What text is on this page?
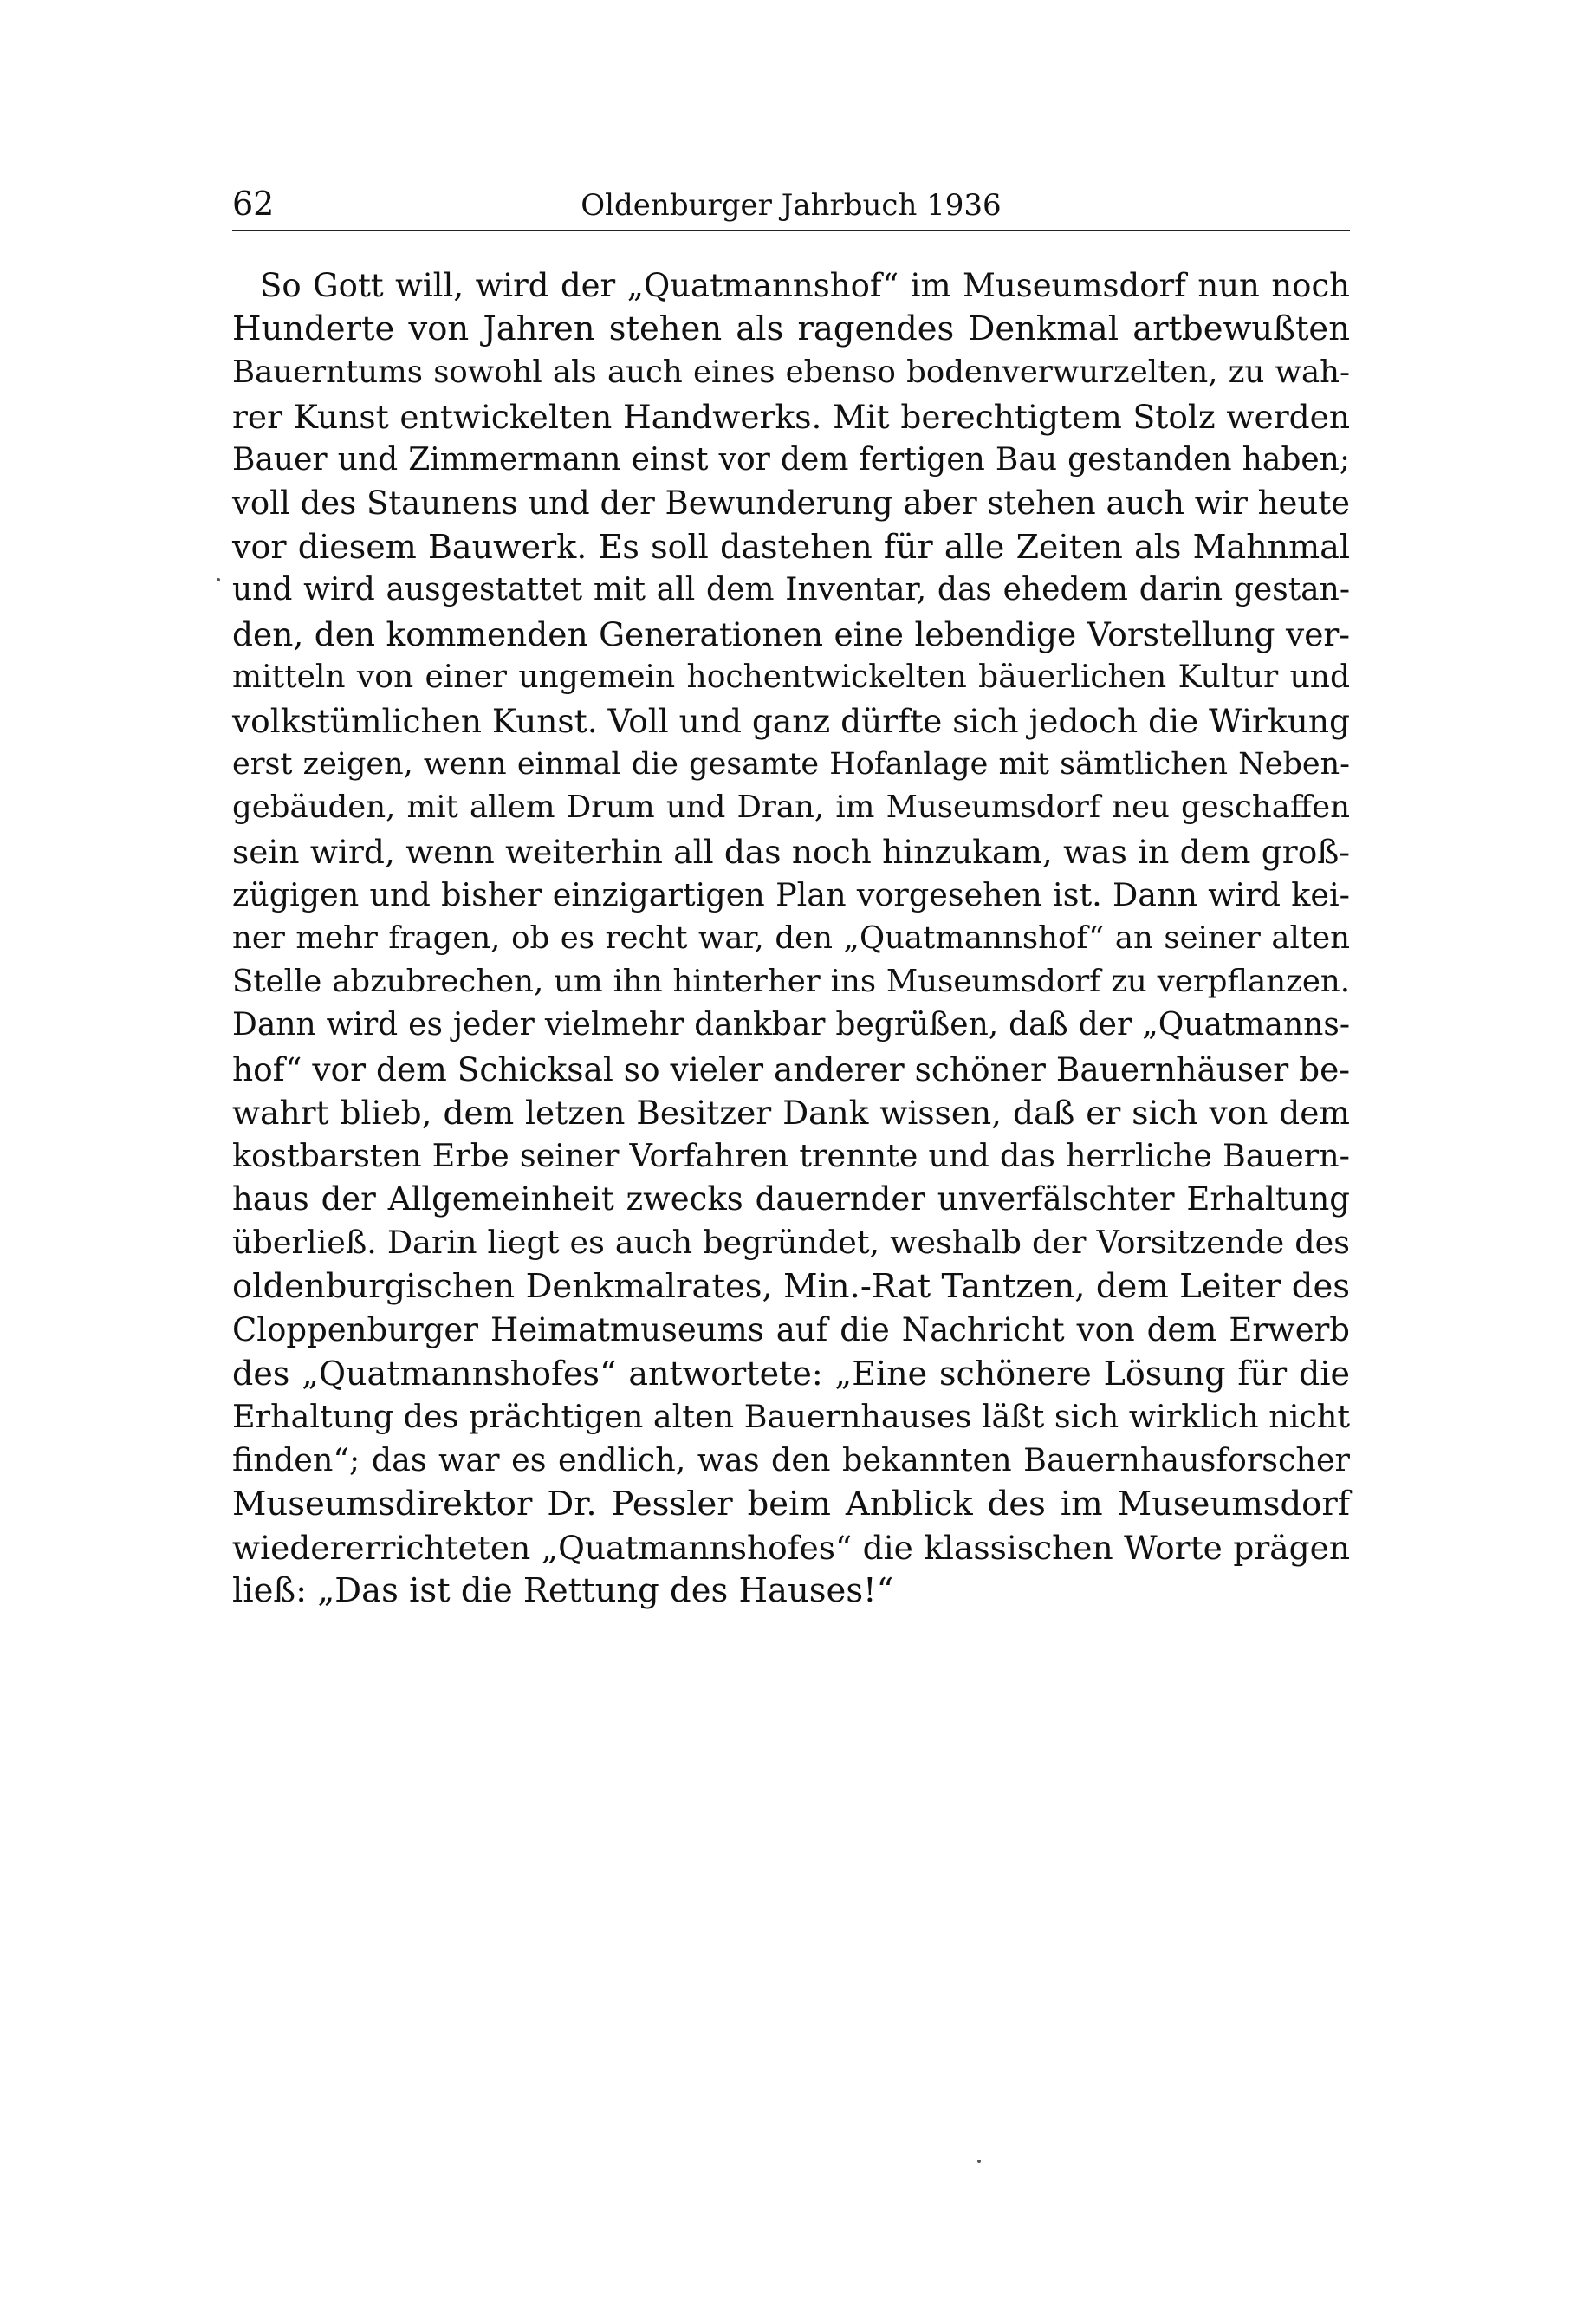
62	Oldenburger Jahrbuch 1936
So Gott will, wird der „Quatmannshof“ im Museumsdorf nun noch
Hunderte von Jahren stehen als ragendes Denkmal artbewußten
Bauerntums sowohl als auch eines ebenso bodenverwurzelten, zu wah-
rer Kunst entwickelten Handwerks. Mit berechtigtem Stolz werden
Bauer und Zimmermann einst vor dem fertigen Bau gestanden haben;
voll des Staunens und der Bewunderung aber stehen auch wir heute
vor diesem Bauwerk. Es soll dastehen für alle Zeiten als Mahnmal
und wird ausgestattet mit all dem Inventar, das ehedem darin gestan-
den, den kommenden Generationen eine lebendige Vorstellung ver-
mitteln von einer ungemein hochentwickelten bäuerlichen Kultur und
volkstümlichen Kunst. Voll und ganz dürfte sich jedoch die Wirkung
erst zeigen, wenn einmal die gesamte Hofanlage mit sämtlichen Neben-
gebäuden, mit allem Drum und Dran, im Museumsdorf neu geschaffen
sein wird, wenn weiterhin all das noch hinzukam, was in dem groß-
zügigen und bisher einzigartigen Plan vorgesehen ist. Dann wird kei-
ner mehr fragen, ob es recht war, den „Quatmannshof“ an seiner alten
Stelle abzubrechen, um ihn hinterher ins Museumsdorf zu verpflanzen.
Dann wird es jeder vielmehr dankbar begrüßen, daß der „Quatmanns-
hof“ vor dem Schicksal so vieler anderer schöner Bauernhäuser be-
wahrt blieb, dem letzen Besitzer Dank wissen, daß er sich von dem
kostbarsten Erbe seiner Vorfahren trennte und das herrliche Bauern-
haus der Allgemeinheit zwecks dauernder unverfälschter Erhaltung
überließ. Darin liegt es auch begründet, weshalb der Vorsitzende des
oldenburgischen Denkmalrates, Min.-Rat Tantzen, dem Leiter des
Cloppenburger Heimatmuseums auf die Nachricht von dem Erwerb
des „Quatmannshofes“ antwortete: „Eine schönere Lösung für die
Erhaltung des prächtigen alten Bauernhauses läßt sich wirklich nicht
finden“; das war es endlich, was den bekannten Bauernhausforscher
Museumsdirektor Dr. Pessler beim Anblick des im Museumsdorf
wiedererrichteten „Quatmannshofes“ die klassischen Worte prägen
ließ: „Das ist die Rettung des Hauses!“
